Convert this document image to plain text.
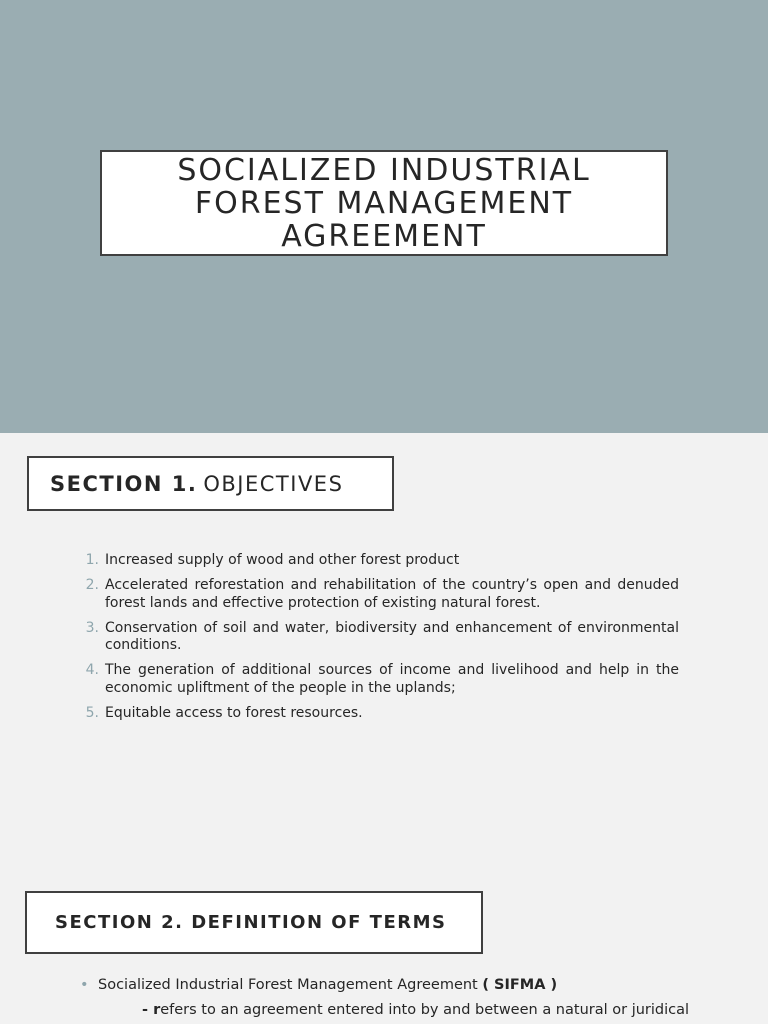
SOCIALIZED INDUSTRIAL FOREST MANAGEMENT AGREEMENT
SECTION 1. OBJECTIVES
1. Increased supply of wood and other forest product
2. Accelerated reforestation and rehabilitation of the country’s open and denuded forest lands and effective protection of existing natural forest.
3. Conservation of soil and water, biodiversity and enhancement of environmental conditions.
4. The generation of additional sources of income and livelihood and help in the economic upliftment of the people in the uplands;
5. Equitable access to forest resources.
SECTION 2. DEFINITION OF TERMS
• Socialized Industrial Forest Management Agreement ( SIFMA )
- refers to an agreement entered into by and between a natural or juridical
